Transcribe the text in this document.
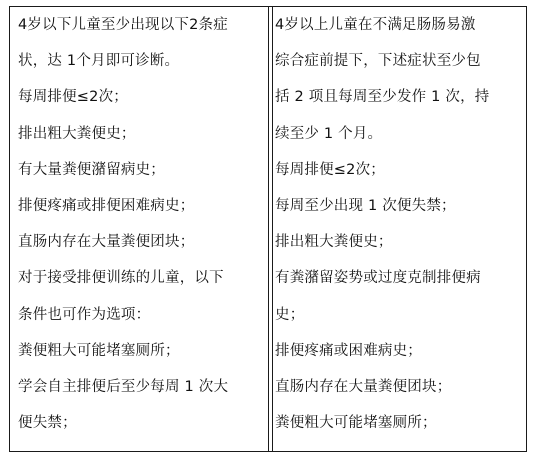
4岁以下儿童至少出现以下2条症
状，达 1个月即可诊断。
每周排便≤2次；
排出粗大粪便史；
有大量粪便潴留病史；
排便疼痛或排便困难病史；
直肠内存在大量粪便团块；
对于接受排便训练的儿童，以下
条件也可作为选项：
粪便粗大可能堵塞厕所；
学会自主排便后至少每周 1 次大
便失禁；
4岁以上儿童在不满足肠肠易激
综合症前提下，下述症状至少包
括 2 项且每周至少发作 1 次，持
续至少 1 个月。
每周排便≤2次；
每周至少出现 1 次便失禁；
排出粗大粪便史；
有粪潴留姿势或过度克制排便病
史；
排便疼痛或困难病史；
直肠内存在大量粪便团块；
粪便粗大可能堵塞厕所；
